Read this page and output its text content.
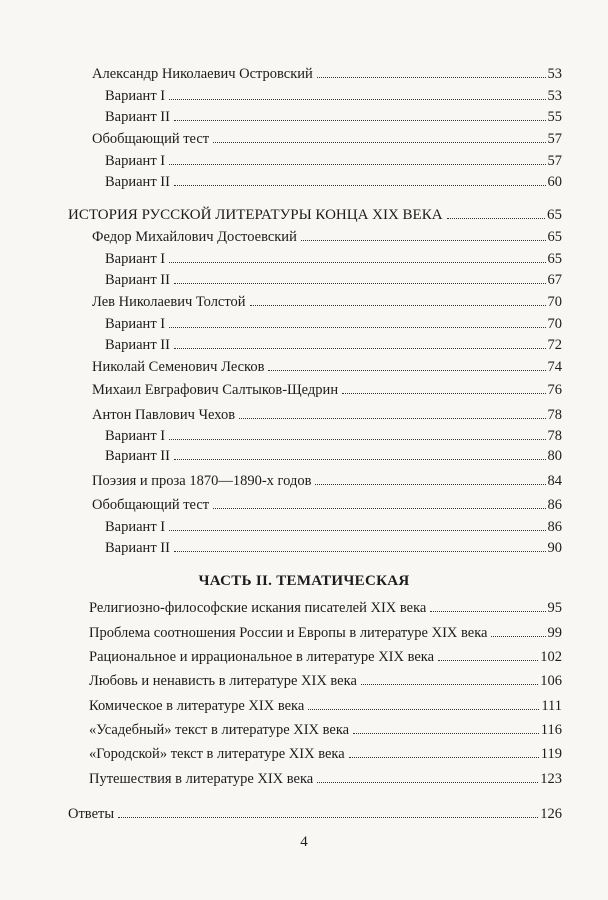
Александр Николаевич Островский	53
Вариант I	53
Вариант II	55
Обобщающий тест	57
Вариант I	57
Вариант II	60
ИСТОРИЯ РУССКОЙ ЛИТЕРАТУРЫ КОНЦА XIX ВЕКА	65
Федор Михайлович Достоевский	65
Вариант I	65
Вариант II	67
Лев Николаевич Толстой	70
Вариант I	70
Вариант II	72
Николай Семенович Лесков	74
Михаил Евграфович Салтыков-Щедрин	76
Антон Павлович Чехов	78
Вариант I	78
Вариант II	80
Поэзия и проза 1870—1890-х годов	84
Обобщающий тест	86
Вариант I	86
Вариант II	90
ЧАСТЬ II. ТЕМАТИЧЕСКАЯ
Религиозно-философские искания писателей XIX века	95
Проблема соотношения России и Европы в литературе XIX века	99
Рациональное и иррациональное в литературе XIX века	102
Любовь и ненависть в литературе XIX века	106
Комическое в литературе XIX века	111
«Усадебный» текст в литературе XIX века	116
«Городской» текст в литературе XIX века	119
Путешествия в литературе XIX века	123
Ответы	126
4
